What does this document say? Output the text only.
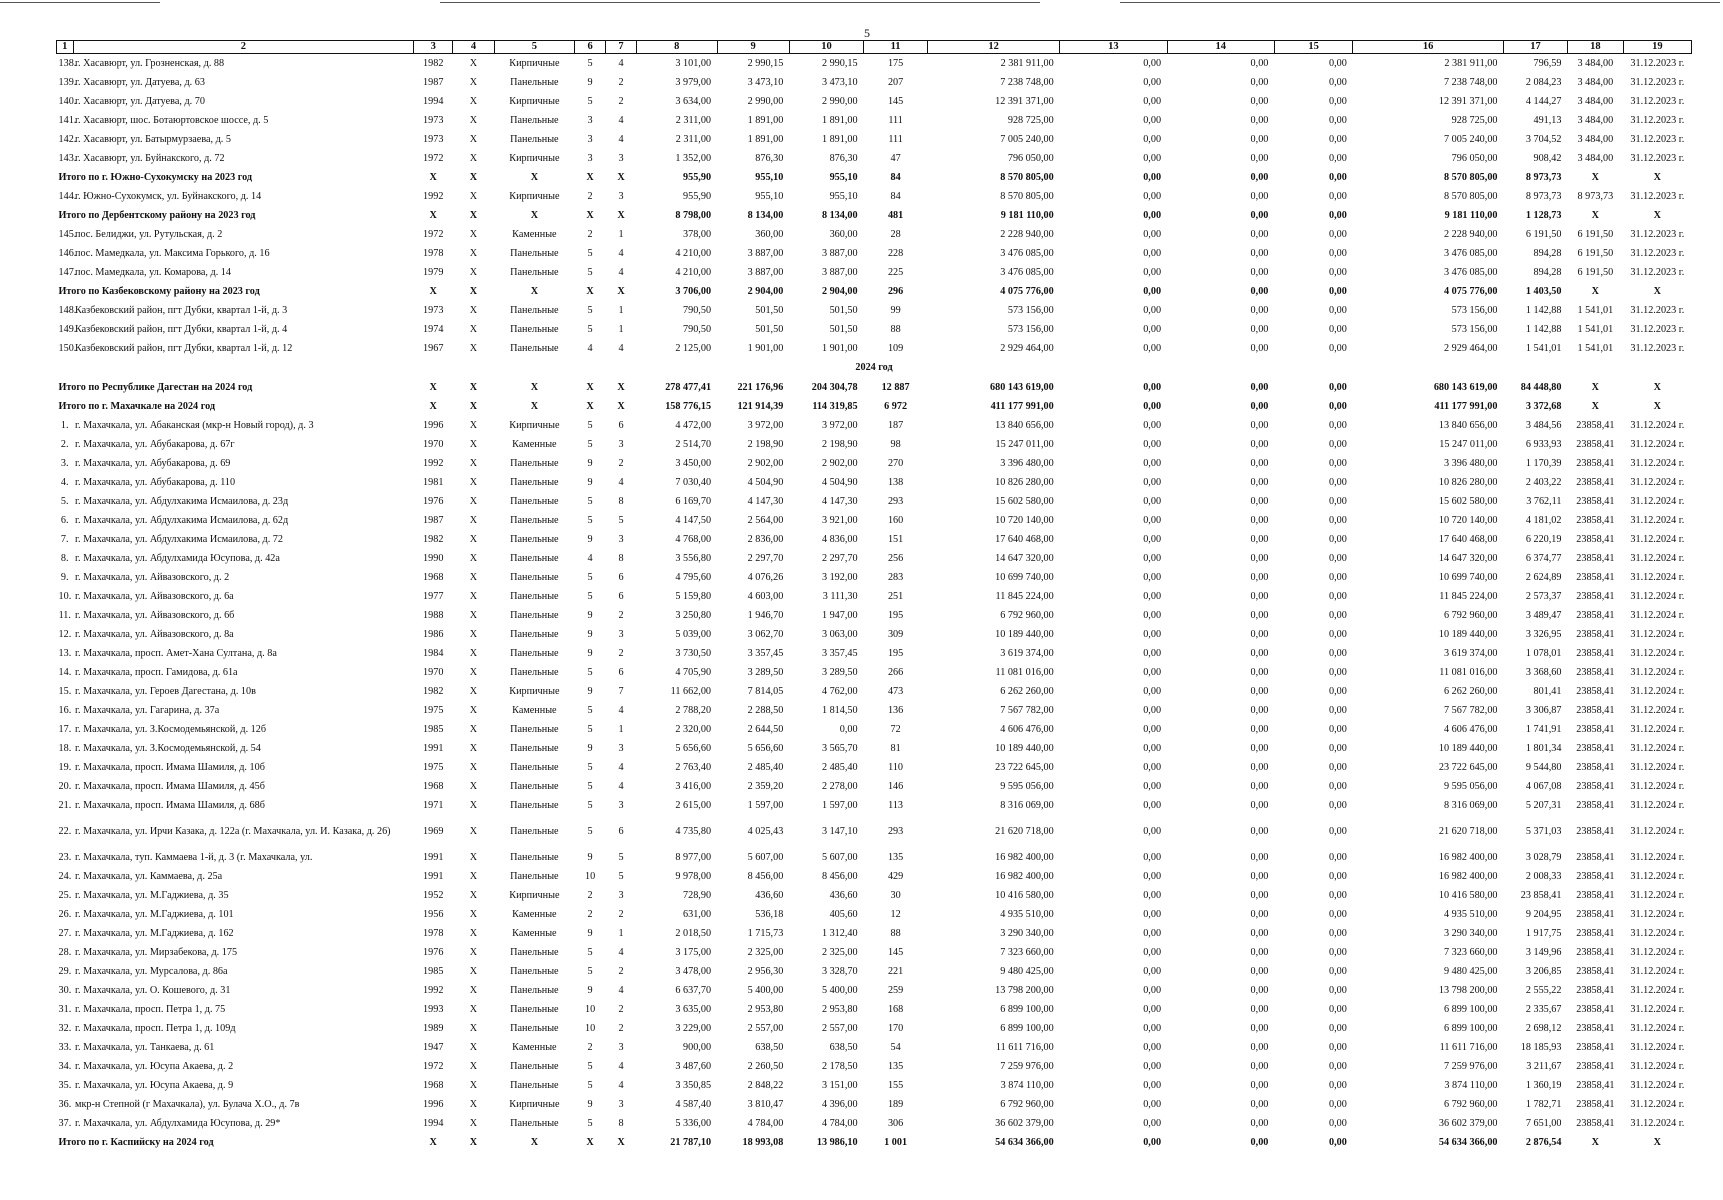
5
1	2	3	4	5	6	7	8	9	10	11	12	13	14	15	16	17	18	19
138.	г. Хасавюрт, ул. Грозненская, д. 88	1982	X	Кирпичные	5	4	3 101,00	2 990,15	2 990,15	175	2 381 911,00	0,00	0,00	0,00	2 381 911,00	796,59	3 484,00	31.12.2023 г.
139.	г. Хасавюрт, ул. Датуева, д. 63	1987	X	Панельные	9	2	3 979,00	3 473,10	3 473,10	207	7 238 748,00	0,00	0,00	0,00	7 238 748,00	2 084,23	3 484,00	31.12.2023 г.
140.	г. Хасавюрт, ул. Датуева, д. 70	1994	X	Кирпичные	5	2	3 634,00	2 990,00	2 990,00	145	12 391 371,00	0,00	0,00	0,00	12 391 371,00	4 144,27	3 484,00	31.12.2023 г.
141.	г. Хасавюрт, шос. Ботаюртовское шоссе, д. 5	1973	X	Панельные	3	4	2 311,00	1 891,00	1 891,00	111	928 725,00	0,00	0,00	0,00	928 725,00	491,13	3 484,00	31.12.2023 г.
142.	г. Хасавюрт, ул. Батырмурзаева, д. 5	1973	X	Панельные	3	4	2 311,00	1 891,00	1 891,00	111	7 005 240,00	0,00	0,00	0,00	7 005 240,00	3 704,52	3 484,00	31.12.2023 г.
143.	г. Хасавюрт, ул. Буйнакского, д. 72	1972	X	Кирпичные	3	3	1 352,00	876,30	876,30	47	796 050,00	0,00	0,00	0,00	796 050,00	908,42	3 484,00	31.12.2023 г.
Итого по г. Южно-Сухокумску на 2023 год		X	X	X	X	X	955,90	955,10	955,10	84	8 570 805,00	0,00	0,00	0,00	8 570 805,00	8 973,73	X	X
144.	г. Южно-Сухокумск, ул. Буйнакского, д. 14	1992	X	Кирпичные	2	3	955,90	955,10	955,10	84	8 570 805,00	0,00	0,00	0,00	8 570 805,00	8 973,73	8 973,73	31.12.2023 г.
Итого по Дербентскому району на 2023 год		X	X	X	X	X	8 798,00	8 134,00	8 134,00	481	9 181 110,00	0,00	0,00	0,00	9 181 110,00	1 128,73	X	X
145.	пос. Белиджи, ул. Рутульская, д. 2	1972	X	Каменные	2	1	378,00	360,00	360,00	28	2 228 940,00	0,00	0,00	0,00	2 228 940,00	6 191,50	6 191,50	31.12.2023 г.
146.	пос. Мамедкала, ул. Максима Горького, д. 16	1978	X	Панельные	5	4	4 210,00	3 887,00	3 887,00	228	3 476 085,00	0,00	0,00	0,00	3 476 085,00	894,28	6 191,50	31.12.2023 г.
147.	пос. Мамедкала, ул. Комарова, д. 14	1979	X	Панельные	5	4	4 210,00	3 887,00	3 887,00	225	3 476 085,00	0,00	0,00	0,00	3 476 085,00	894,28	6 191,50	31.12.2023 г.
Итого по Казбековскому району на 2023 год		X	X	X	X	X	3 706,00	2 904,00	2 904,00	296	4 075 776,00	0,00	0,00	0,00	4 075 776,00	1 403,50	X	X
148.	Казбековский район, пгт Дубки, квартал 1-й, д. 3	1973	X	Панельные	5	1	790,50	501,50	501,50	99	573 156,00	0,00	0,00	0,00	573 156,00	1 142,88	1 541,01	31.12.2023 г.
149.	Казбековский район, пгт Дубки, квартал 1-й, д. 4	1974	X	Панельные	5	1	790,50	501,50	501,50	88	573 156,00	0,00	0,00	0,00	573 156,00	1 142,88	1 541,01	31.12.2023 г.
150.	Казбековский район, пгт Дубки, квартал 1-й, д. 12	1967	X	Панельные	4	4	2 125,00	1 901,00	1 901,00	109	2 929 464,00	0,00	0,00	0,00	2 929 464,00	1 541,01	1 541,01	31.12.2023 г.
2024 год																		
Итого по Республике Дагестан на 2024 год		X	X	X	X	X	278 477,41	221 176,96	204 304,78	12 887	680 143 619,00	0,00	0,00	0,00	680 143 619,00	84 448,80	X	X
Итого по г. Махачкале на 2024 год		X	X	X	X	X	158 776,15	121 914,39	114 319,85	6 972	411 177 991,00	0,00	0,00	0,00	411 177 991,00	3 372,68	X	X
1.	г. Махачкала, ул. Абаканская (мкр-н Новый город), д. 3	1996	X	Кирпичные	5	6	4 472,00	3 972,00	3 972,00	187	13 840 656,00	0,00	0,00	0,00	13 840 656,00	3 484,56	23858,41	31.12.2024 г.
2.	г. Махачкала, ул. Абубакарова, д. 67г	1970	X	Каменные	5	3	2 514,70	2 198,90	2 198,90	98	15 247 011,00	0,00	0,00	0,00	15 247 011,00	6 933,93	23858,41	31.12.2024 г.
3.	г. Махачкала, ул. Абубакарова, д. 69	1992	X	Панельные	9	2	3 450,00	2 902,00	2 902,00	270	3 396 480,00	0,00	0,00	0,00	3 396 480,00	1 170,39	23858,41	31.12.2024 г.
4.	г. Махачкала, ул. Абубакарова, д. 110	1981	X	Панельные	9	4	7 030,40	4 504,90	4 504,90	138	10 826 280,00	0,00	0,00	0,00	10 826 280,00	2 403,22	23858,41	31.12.2024 г.
5.	г. Махачкала, ул. Абдулхакима Исмаилова, д. 23д	1976	X	Панельные	5	8	6 169,70	4 147,30	4 147,30	293	15 602 580,00	0,00	0,00	0,00	15 602 580,00	3 762,11	23858,41	31.12.2024 г.
6.	г. Махачкала, ул. Абдулхакима Исмаилова, д. 62д	1987	X	Панельные	5	5	4 147,50	2 564,00	3 921,00	160	10 720 140,00	0,00	0,00	0,00	10 720 140,00	4 181,02	23858,41	31.12.2024 г.
7.	г. Махачкала, ул. Абдулхакима Исмаилова, д. 72	1982	X	Панельные	9	3	4 768,00	2 836,00	4 836,00	151	17 640 468,00	0,00	0,00	0,00	17 640 468,00	6 220,19	23858,41	31.12.2024 г.
8.	г. Махачкала, ул. Абдулхамида Юсупова, д. 42а	1990	X	Панельные	4	8	3 556,80	2 297,70	2 297,70	256	14 647 320,00	0,00	0,00	0,00	14 647 320,00	6 374,77	23858,41	31.12.2024 г.
9.	г. Махачкала, ул. Айвазовского, д. 2	1968	X	Панельные	5	6	4 795,60	4 076,26	3 192,00	283	10 699 740,00	0,00	0,00	0,00	10 699 740,00	2 624,89	23858,41	31.12.2024 г.
10.	г. Махачкала, ул. Айвазовского, д. 6а	1977	X	Панельные	5	6	5 159,80	4 603,00	3 111,30	251	11 845 224,00	0,00	0,00	0,00	11 845 224,00	2 573,37	23858,41	31.12.2024 г.
11.	г. Махачкала, ул. Айвазовского, д. 6б	1988	X	Панельные	9	2	3 250,80	1 946,70	1 947,00	195	6 792 960,00	0,00	0,00	0,00	6 792 960,00	3 489,47	23858,41	31.12.2024 г.
12.	г. Махачкала, ул. Айвазовского, д. 8а	1986	X	Панельные	9	3	5 039,00	3 062,70	3 063,00	309	10 189 440,00	0,00	0,00	0,00	10 189 440,00	3 326,95	23858,41	31.12.2024 г.
13.	г. Махачкала, просп. Амет-Хана Султана, д. 8а	1984	X	Панельные	9	2	3 730,50	3 357,45	3 357,45	195	3 619 374,00	0,00	0,00	0,00	3 619 374,00	1 078,01	23858,41	31.12.2024 г.
14.	г. Махачкала, просп. Гамидова, д. 61а	1970	X	Панельные	5	6	4 705,90	3 289,50	3 289,50	266	11 081 016,00	0,00	0,00	0,00	11 081 016,00	3 368,60	23858,41	31.12.2024 г.
15.	г. Махачкала, ул. Героев Дагестана, д. 10в	1982	X	Кирпичные	9	7	11 662,00	7 814,05	4 762,00	473	6 262 260,00	0,00	0,00	0,00	6 262 260,00	801,41	23858,41	31.12.2024 г.
16.	г. Махачкала, ул. Гагарина, д. 37а	1975	X	Каменные	5	4	2 788,20	2 288,50	1 814,50	136	7 567 782,00	0,00	0,00	0,00	7 567 782,00	3 306,87	23858,41	31.12.2024 г.
17.	г. Махачкала, ул. З.Космодемьянской, д. 12б	1985	X	Панельные	5	1	2 320,00	2 644,50	0,00	72	4 606 476,00	0,00	0,00	0,00	4 606 476,00	1 741,91	23858,41	31.12.2024 г.
18.	г. Махачкала, ул. З.Космодемьянской, д. 54	1991	X	Панельные	9	3	5 656,60	5 656,60	3 565,70	81	10 189 440,00	0,00	0,00	0,00	10 189 440,00	1 801,34	23858,41	31.12.2024 г.
19.	г. Махачкала, просп. Имама Шамиля, д. 10б	1975	X	Панельные	5	4	2 763,40	2 485,40	2 485,40	110	23 722 645,00	0,00	0,00	0,00	23 722 645,00	9 544,80	23858,41	31.12.2024 г.
20.	г. Махачкала, просп. Имама Шамиля, д. 45б	1968	X	Панельные	5	4	3 416,00	2 359,20	2 278,00	146	9 595 056,00	0,00	0,00	0,00	9 595 056,00	4 067,08	23858,41	31.12.2024 г.
21.	г. Махачкала, просп. Имама Шамиля, д. 68б	1971	X	Панельные	5	3	2 615,00	1 597,00	1 597,00	113	8 316 069,00	0,00	0,00	0,00	8 316 069,00	5 207,31	23858,41	31.12.2024 г.
22.	г. Махачкала, ул. Ирчи Казака, д. 122а (г. Махачкала, ул. И. Казака, д. 26)	1969	X	Панельные	5	6	4 735,80	4 025,43	3 147,10	293	21 620 718,00	0,00	0,00	0,00	21 620 718,00	5 371,03	23858,41	31.12.2024 г.
23.	г. Махачкала, туп. Каммаева 1-й, д. 3 (г. Махачкала, ул.	1991	X	Панельные	9	5	8 977,00	5 607,00	5 607,00	135	16 982 400,00	0,00	0,00	0,00	16 982 400,00	3 028,79	23858,41	31.12.2024 г.
24.	г. Махачкала, ул. Каммаева, д. 25а	1991	X	Панельные	10	5	9 978,00	8 456,00	8 456,00	429	16 982 400,00	0,00	0,00	0,00	16 982 400,00	2 008,33	23858,41	31.12.2024 г.
25.	г. Махачкала, ул. М.Гаджиева, д. 35	1952	X	Кирпичные	2	3	728,90	436,60	436,60	30	10 416 580,00	0,00	0,00	0,00	10 416 580,00	23 858,41	23858,41	31.12.2024 г.
26.	г. Махачкала, ул. М.Гаджиева, д. 101	1956	X	Каменные	2	2	631,00	536,18	405,60	12	4 935 510,00	0,00	0,00	0,00	4 935 510,00	9 204,95	23858,41	31.12.2024 г.
27.	г. Махачкала, ул. М.Гаджиева, д. 162	1978	X	Каменные	9	1	2 018,50	1 715,73	1 312,40	88	3 290 340,00	0,00	0,00	0,00	3 290 340,00	1 917,75	23858,41	31.12.2024 г.
28.	г. Махачкала, ул. Мирзабекова, д. 175	1976	X	Панельные	5	4	3 175,00	2 325,00	2 325,00	145	7 323 660,00	0,00	0,00	0,00	7 323 660,00	3 149,96	23858,41	31.12.2024 г.
29.	г. Махачкала, ул. Мурсалова, д. 86а	1985	X	Панельные	5	2	3 478,00	2 956,30	3 328,70	221	9 480 425,00	0,00	0,00	0,00	9 480 425,00	3 206,85	23858,41	31.12.2024 г.
30.	г. Махачкала, ул. О. Кошевого, д. 31	1992	X	Панельные	9	4	6 637,70	5 400,00	5 400,00	259	13 798 200,00	0,00	0,00	0,00	13 798 200,00	2 555,22	23858,41	31.12.2024 г.
31.	г. Махачкала, просп. Петра 1, д. 75	1993	X	Панельные	10	2	3 635,00	2 953,80	2 953,80	168	6 899 100,00	0,00	0,00	0,00	6 899 100,00	2 335,67	23858,41	31.12.2024 г.
32.	г. Махачкала, просп. Петра 1, д. 109д	1989	X	Панельные	10	2	3 229,00	2 557,00	2 557,00	170	6 899 100,00	0,00	0,00	0,00	6 899 100,00	2 698,12	23858,41	31.12.2024 г.
33.	г. Махачкала, ул. Танкаева, д. 61	1947	X	Каменные	2	3	900,00	638,50	638,50	54	11 611 716,00	0,00	0,00	0,00	11 611 716,00	18 185,93	23858,41	31.12.2024 г.
34.	г. Махачкала, ул. Юсупа Акаева, д. 2	1972	X	Панельные	5	4	3 487,60	2 260,50	2 178,50	135	7 259 976,00	0,00	0,00	0,00	7 259 976,00	3 211,67	23858,41	31.12.2024 г.
35.	г. Махачкала, ул. Юсупа Акаева, д. 9	1968	X	Панельные	5	4	3 350,85	2 848,22	3 151,00	155	3 874 110,00	0,00	0,00	0,00	3 874 110,00	1 360,19	23858,41	31.12.2024 г.
36.	мкр-н Степной (г Махачкала), ул. Булача Х.О., д. 7в	1996	X	Кирпичные	9	3	4 587,40	3 810,47	4 396,00	189	6 792 960,00	0,00	0,00	0,00	6 792 960,00	1 782,71	23858,41	31.12.2024 г.
37.	г. Махачкала, ул. Абдулхамида Юсупова, д. 29*	1994	X	Панельные	5	8	5 336,00	4 784,00	4 784,00	306	36 602 379,00	0,00	0,00	0,00	36 602 379,00	7 651,00	23858,41	31.12.2024 г.
Итого по г. Каспийску на 2024 год		X	X	X	X	X	21 787,10	18 993,08	13 986,10	1 001	54 634 366,00	0,00	0,00	0,00	54 634 366,00	2 876,54	X	X
